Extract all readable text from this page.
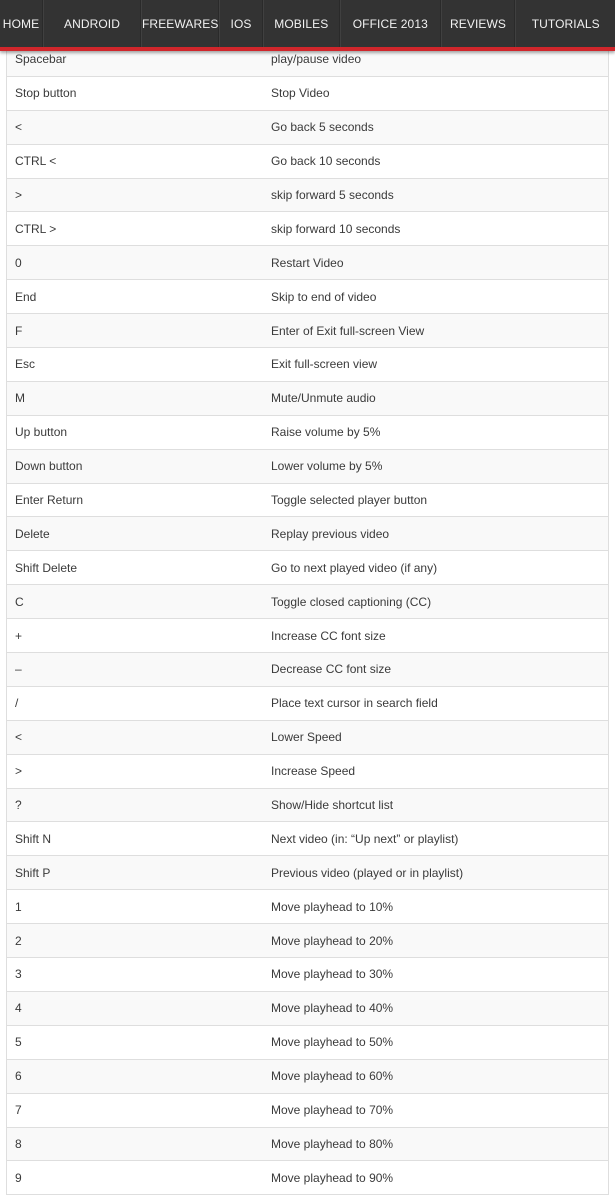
HOME	ANDROID	FREEWARES	IOS	MOBILES	OFFICE 2013	REVIEWS	TUTORIALS
Spacebar	play/pause video
Stop button	Stop Video
<	Go back 5 seconds
CTRL <	Go back 10 seconds
>	skip forward 5 seconds
CTRL >	skip forward 10 seconds
0	Restart Video
End	Skip to end of video
F	Enter of Exit full-screen View
Esc	Exit full-screen view
M	Mute/Unmute audio
Up button	Raise volume by 5%
Down button	Lower volume by 5%
Enter Return	Toggle selected player button
Delete	Replay previous video
Shift Delete	Go to next played video (if any)
C	Toggle closed captioning (CC)
+	Increase CC font size
–	Decrease CC font size
/	Place text cursor in search field
<	Lower Speed
>	Increase Speed
?	Show/Hide shortcut list
Shift N	Next video (in: “Up next” or playlist)
Shift P	Previous video (played or in playlist)
1	Move playhead to 10%
2	Move playhead to 20%
3	Move playhead to 30%
4	Move playhead to 40%
5	Move playhead to 50%
6	Move playhead to 60%
7	Move playhead to 70%
8	Move playhead to 80%
9	Move playhead to 90%
